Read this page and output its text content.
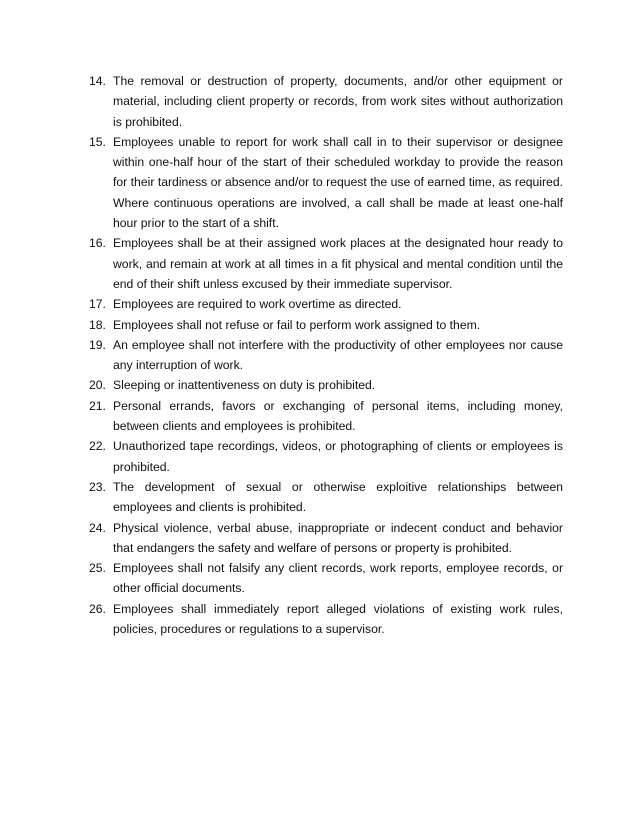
14. The removal or destruction of property, documents, and/or other equipment or material, including client property or records, from work sites without authorization is prohibited.
15. Employees unable to report for work shall call in to their supervisor or designee within one-half hour of the start of their scheduled workday to provide the reason for their tardiness or absence and/or to request the use of earned time, as required. Where continuous operations are involved, a call shall be made at least one-half hour prior to the start of a shift.
16. Employees shall be at their assigned work places at the designated hour ready to work, and remain at work at all times in a fit physical and mental condition until the end of their shift unless excused by their immediate supervisor.
17. Employees are required to work overtime as directed.
18. Employees shall not refuse or fail to perform work assigned to them.
19. An employee shall not interfere with the productivity of other employees nor cause any interruption of work.
20. Sleeping or inattentiveness on duty is prohibited.
21. Personal errands, favors or exchanging of personal items, including money, between clients and employees is prohibited.
22. Unauthorized tape recordings, videos, or photographing of clients or employees is prohibited.
23. The development of sexual or otherwise exploitive relationships between employees and clients is prohibited.
24. Physical violence, verbal abuse, inappropriate or indecent conduct and behavior that endangers the safety and welfare of persons or property is prohibited.
25. Employees shall not falsify any client records, work reports, employee records, or other official documents.
26. Employees shall immediately report alleged violations of existing work rules, policies, procedures or regulations to a supervisor.
